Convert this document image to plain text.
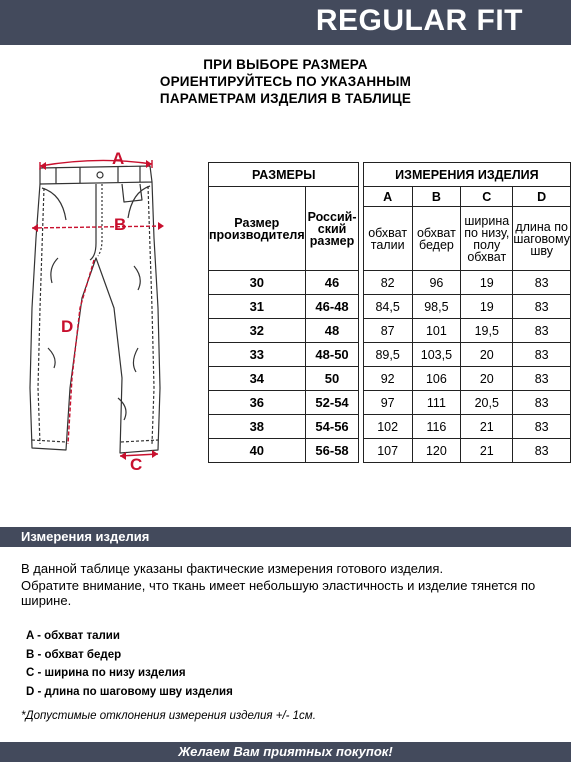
REGULAR FIT
ПРИ ВЫБОРЕ РАЗМЕРА
ОРИЕНТИРУЙТЕСЬ ПО УКАЗАННЫМ
ПАРАМЕТРАМ ИЗДЕЛИЯ В ТАБЛИЦЕ
A
B
D
C
РАЗМЕРЫ			ИЗМЕРЕНИЯ ИЗДЕЛИЯ			
Размер производителя	Россий-ский размер		A	B	C	D
			обхват талии	обхват бедер	ширина по низу, полу обхват	длина по шаговому шву
30	46		82	96	19	83
31	46-48		84,5	98,5	19	83
32	48		87	101	19,5	83
33	48-50		89,5	103,5	20	83
34	50		92	106	20	83
36	52-54		97	111	20,5	83
38	54-56		102	116	21	83
40	56-58		107	120	21	83
Измерения изделия

В данной таблице указаны фактические измерения готового изделия.

Обратите внимание, что ткань имеет небольшую эластичность и изделие тянется по ширине.

A - обхват талии
B - обхват бедер
C - ширина по низу изделия
D - длина по шаговому шву изделия
*Допустимые отклонения измерения изделия +/- 1см.
Желаем Вам приятных покупок!
